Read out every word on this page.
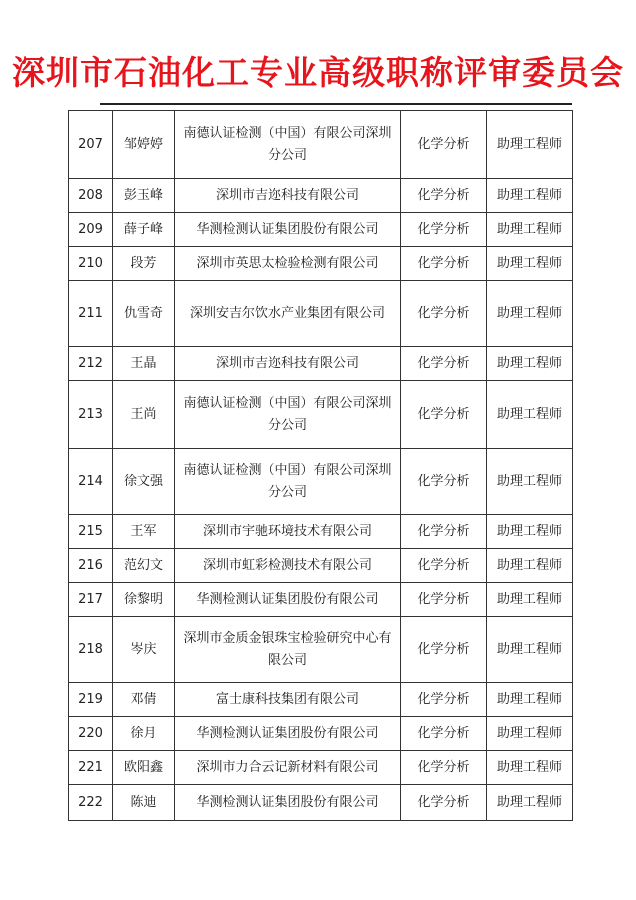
深圳市石油化工专业高级职称评审委员会
207	邹婷婷	南德认证检测（中国）有限公司深圳分公司	化学分析	助理工程师
208	彭玉峰	深圳市吉迩科技有限公司	化学分析	助理工程师
209	薛子峰	华测检测认证集团股份有限公司	化学分析	助理工程师
210	段芳	深圳市英思太检验检测有限公司	化学分析	助理工程师
211	仇雪奇	深圳安吉尔饮水产业集团有限公司	化学分析	助理工程师
212	王晶	深圳市吉迩科技有限公司	化学分析	助理工程师
213	王尚	南德认证检测（中国）有限公司深圳分公司	化学分析	助理工程师
214	徐文强	南德认证检测（中国）有限公司深圳分公司	化学分析	助理工程师
215	王军	深圳市宇驰环境技术有限公司	化学分析	助理工程师
216	范幻文	深圳市虹彩检测技术有限公司	化学分析	助理工程师
217	徐黎明	华测检测认证集团股份有限公司	化学分析	助理工程师
218	岑庆	深圳市金质金银珠宝检验研究中心有限公司	化学分析	助理工程师
219	邓倩	富士康科技集团有限公司	化学分析	助理工程师
220	徐月	华测检测认证集团股份有限公司	化学分析	助理工程师
221	欧阳鑫	深圳市力合云记新材料有限公司	化学分析	助理工程师
222	陈迪	华测检测认证集团股份有限公司	化学分析	助理工程师
